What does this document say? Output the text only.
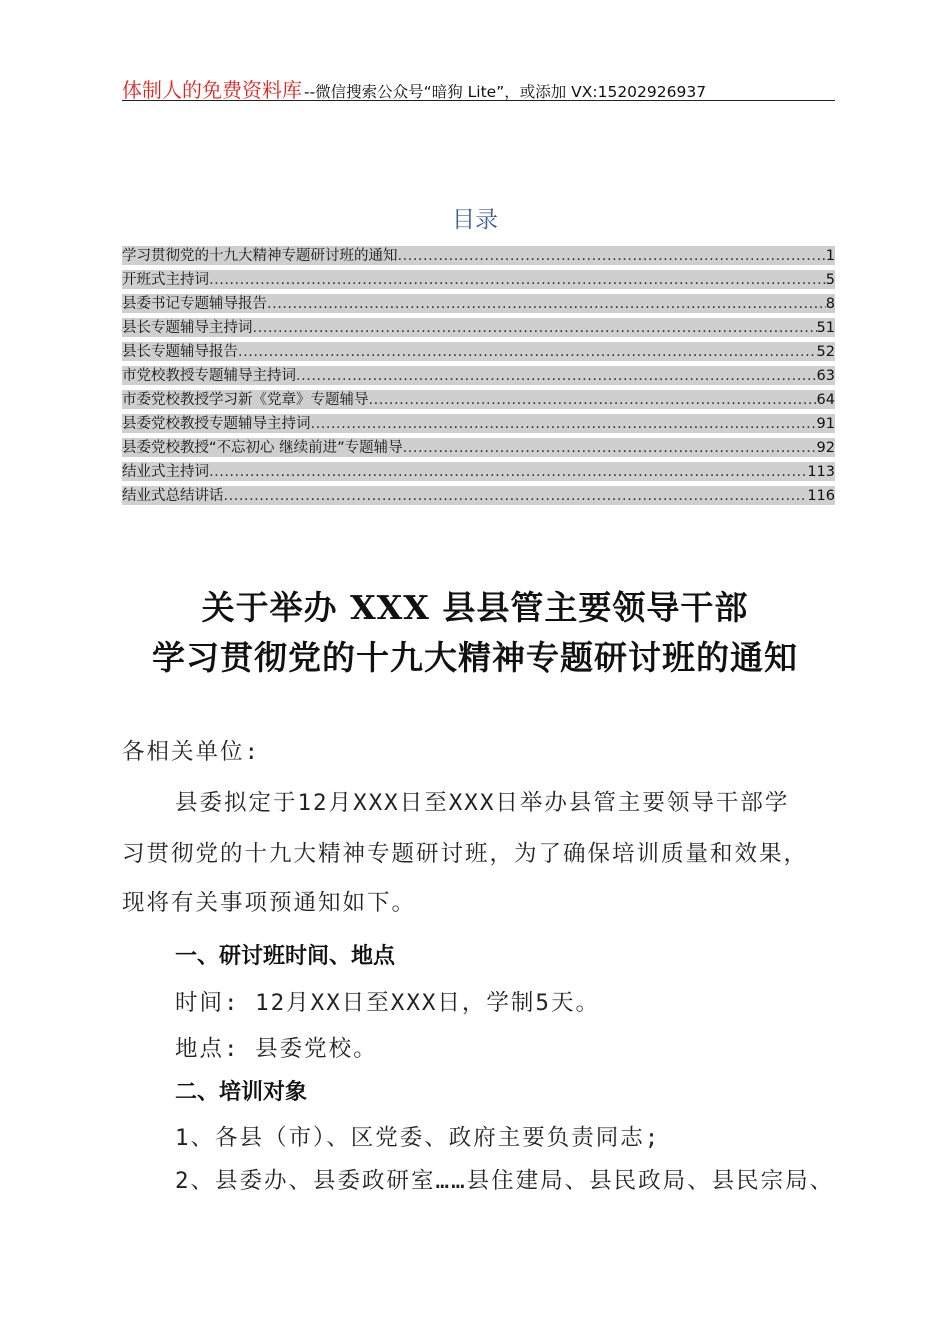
体制人的免费资料库 --微信搜索公众号“暗狗 Lite”，或添加 VX:15202926937
目录
学习贯彻党的十九大精神专题研讨班的通知 .....	1
开班式主持词 .....	5
县委书记专题辅导报告 .....	8
县长专题辅导主持词 .....	51
县长专题辅导报告 .....	52
市党校教授专题辅导主持词 .....	63
市委党校教授学习新《党章》专题辅导 .....	64
县委党校教授专题辅导主持词 .....	91
县委党校教授“不忘初心 继续前进”专题辅导 .....	92
结业式主持词 .....	113
结业式总结讲话 .....	116
关于举办 XXX 县县管主要领导干部
学习贯彻党的十九大精神专题研讨班的通知
各相关单位:
县委拟定于12月XXX日至XXX日举办县管主要领导干部学
习贯彻党的十九大精神专题研讨班，为了确保培训质量和效果，
现将有关事项预通知如下。
一、研讨班时间、地点
时间: 12月XX日至XXX日，学制5天。
地点: 县委党校。
二、培训对象
1、各县（市）、区党委、政府主要负责同志;
2、县委办、县委政研室……县住建局、县民政局、县民宗局、
